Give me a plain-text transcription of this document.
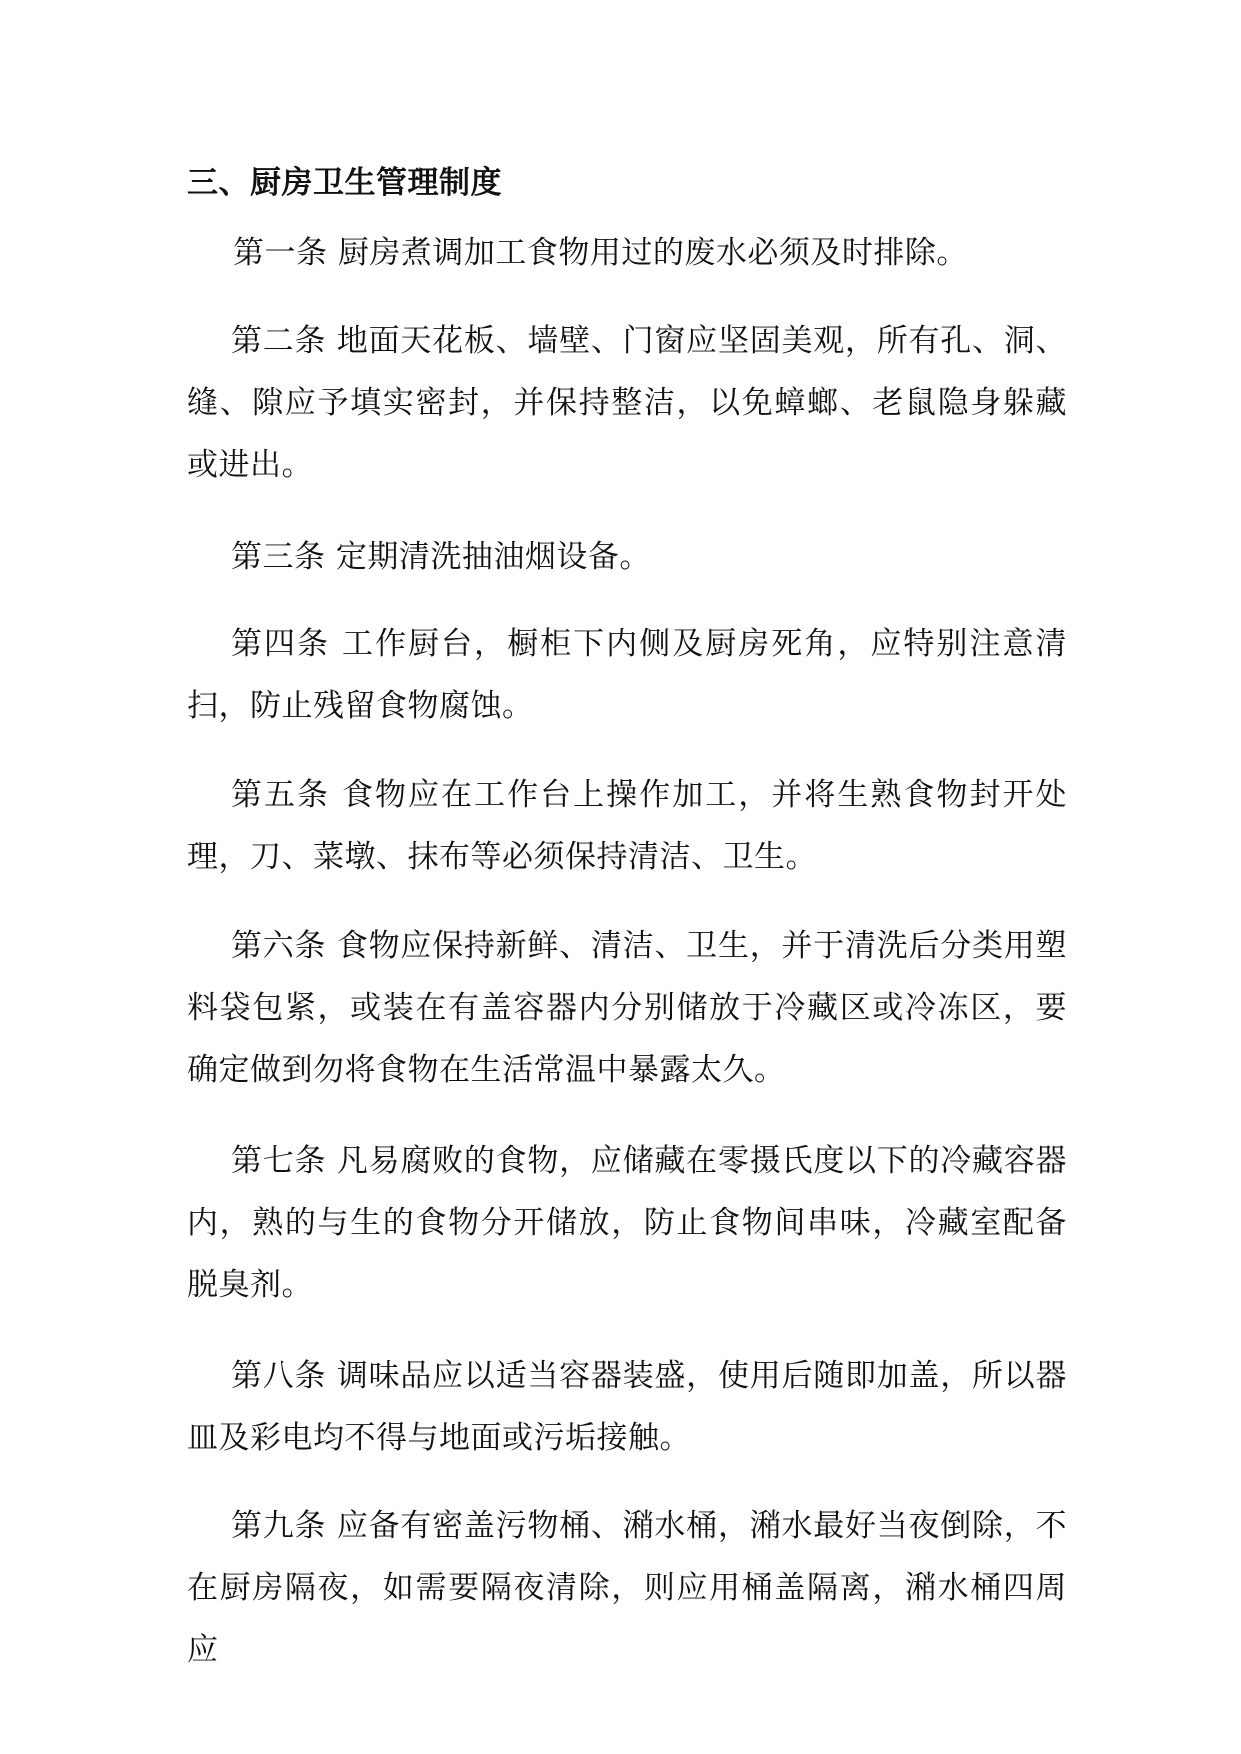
三、厨房卫生管理制度

第一条 厨房煮调加工食物用过的废水必须及时排除。

第二条 地面天花板、墙壁、门窗应坚固美观，所有孔、洞、缝、隙应予填实密封，并保持整洁，以免蟑螂、老鼠隐身躲藏或进出。

第三条 定期清洗抽油烟设备。

第四条 工作厨台，橱柜下内侧及厨房死角，应特别注意清扫，防止残留食物腐蚀。

第五条 食物应在工作台上操作加工，并将生熟食物封开处理，刀、菜墩、抹布等必须保持清洁、卫生。

第六条 食物应保持新鲜、清洁、卫生，并于清洗后分类用塑料袋包紧，或装在有盖容器内分别储放于冷藏区或冷冻区，要确定做到勿将食物在生活常温中暴露太久。

第七条 凡易腐败的食物，应储藏在零摄氏度以下的冷藏容器内，熟的与生的食物分开储放，防止食物间串味，冷藏室配备脱臭剂。

第八条 调味品应以适当容器装盛，使用后随即加盖，所以器皿及彩电均不得与地面或污垢接触。

第九条 应备有密盖污物桶、潲水桶，潲水最好当夜倒除，不在厨房隔夜，如需要隔夜清除，则应用桶盖隔离，潲水桶四周应
